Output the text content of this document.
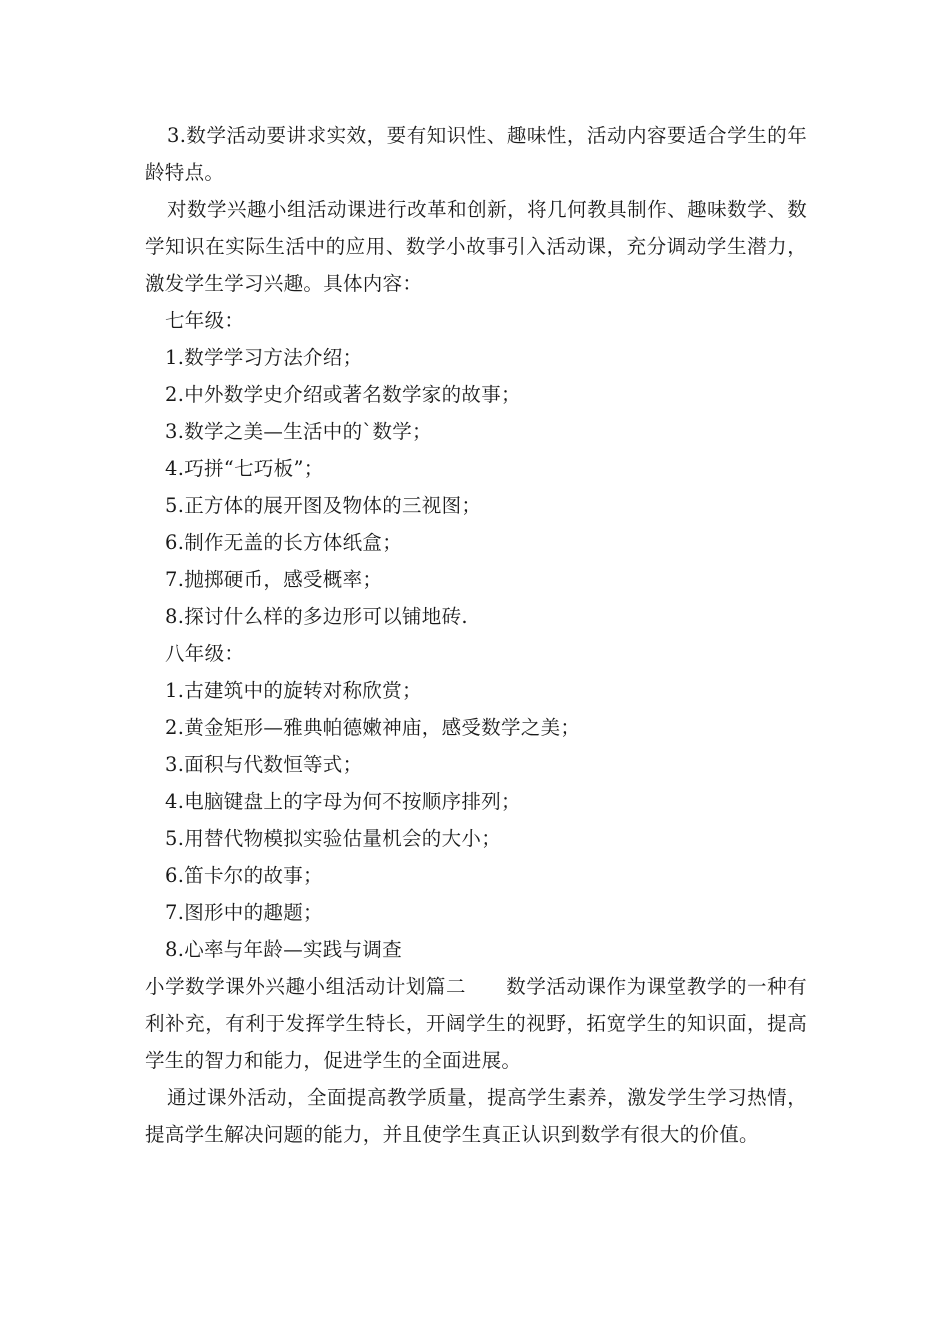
3.数学活动要讲求实效，要有知识性、趣味性，活动内容要适合学生的年龄特点。

对数学兴趣小组活动课进行改革和创新，将几何教具制作、趣味数学、数学知识在实际生活中的应用、数学小故事引入活动课，充分调动学生潜力，激发学生学习兴趣。具体内容：

七年级：

1.数学学习方法介绍；

2.中外数学史介绍或著名数学家的故事；

3.数学之美—生活中的`数学；

4.巧拼“七巧板”；

5.正方体的展开图及物体的三视图；

6.制作无盖的长方体纸盒；

7.抛掷硬币，感受概率；

8.探讨什么样的多边形可以铺地砖.

八年级：

1.古建筑中的旋转对称欣赏；

2.黄金矩形—雅典帕德嫩神庙，感受数学之美；

3.面积与代数恒等式；

4.电脑键盘上的字母为何不按顺序排列；

5.用替代物模拟实验估量机会的大小；

6.笛卡尔的故事；

7.图形中的趣题；

8.心率与年龄—实践与调查

小学数学课外兴趣小组活动计划篇二 数学活动课作为课堂教学的一种有利补充，有利于发挥学生特长，开阔学生的视野，拓宽学生的知识面，提高学生的智力和能力，促进学生的全面进展。

通过课外活动，全面提高教学质量，提高学生素养，激发学生学习热情，提高学生解决问题的能力，并且使学生真正认识到数学有很大的价值。
